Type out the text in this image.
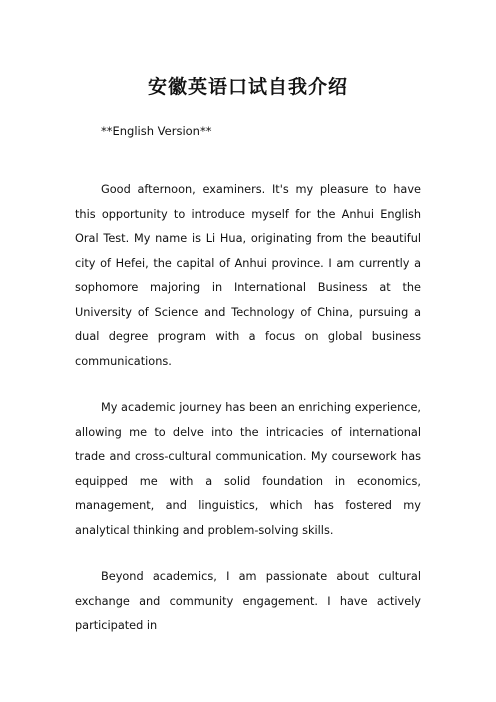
安徽英语口试自我介绍
**English Version**

Good afternoon, examiners. It's my pleasure to have this opportunity to introduce myself for the Anhui English Oral Test. My name is Li Hua, originating from the beautiful city of Hefei, the capital of Anhui province. I am currently a sophomore majoring in International Business at the University of Science and Technology of China, pursuing a dual degree program with a focus on global business communications.

My academic journey has been an enriching experience, allowing me to delve into the intricacies of international trade and cross-cultural communication. My coursework has equipped me with a solid foundation in economics, management, and linguistics, which has fostered my analytical thinking and problem-solving skills.

Beyond academics, I am passionate about cultural exchange and community engagement. I have actively participated in
